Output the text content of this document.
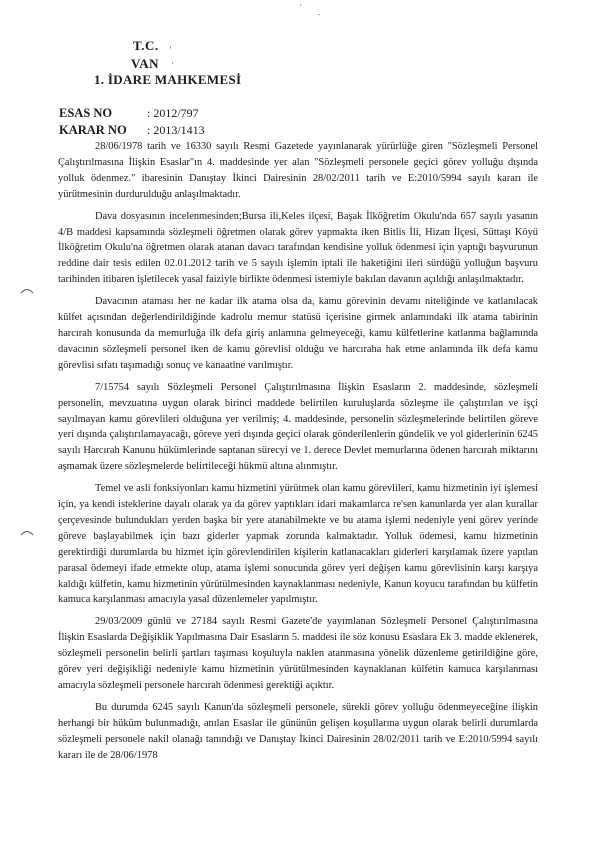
T.C.
VAN
1. İDARE MAHKEMESİ
ESAS NO	: 2012/797
KARAR NO	: 2013/1413

28/06/1978 tarih ve 16330 sayılı Resmi Gazetede yayınlanarak yürürlüğe giren "Sözleşmeli Personel Çalıştırılmasına İlişkin Esaslar"ın 4. maddesinde yer alan "Sözleşmeli personele geçici görev yolluğu dışında yolluk ödenmez." ibaresinin Danıştay İkinci Dairesinin 28/02/2011 tarih ve E:2010/5994 sayılı kararı ile yürütmesinin durdurulduğu anlaşılmaktadır.

Dava dosyasının incelenmesinden;Bursa ili,Keles ilçesi, Başak İlköğretim Okulu'nda 657 sayılı yasanın 4/B maddesi kapsamında sözleşmeli öğretmen olarak görev yapmakta iken Bitlis İli, Hizan İlçesi, Süttaşı Köyü İlköğretim Okulu'na öğretmen olarak atanan davacı tarafından kendisine yolluk ödenmesi için yaptığı başvurunun reddine dair tesis edilen 02.01.2012 tarih ve 5 sayılı işlemin iptali ile haketiğini ileri sürdüğü yolluğun başvuru tarihinden itibaren işletilecek yasal faiziyle birlikte ödenmesi istemiyle bakılan davanın açıldığı anlaşılmaktadır.

Davacının ataması her ne kadar ilk atama olsa da, kamu görevinin devamı niteliğinde ve katlanılacak külfet açısından değerlendirildiğinde kadrolu memur statüsü içerisine girmek anlamındaki ilk atama tabirinin harcırah konusunda da memurluğa ilk defa giriş anlamına gelmeyeceği, kamu külfetlerine katlanma bağlamında davacının sözleşmeli personel iken de kamu görevlisi olduğu ve harcıraha hak etme anlamında ilk defa kamu görevlisi sıfatı taşımadığı sonuç ve kanaatine varılmıştır.

7/15754 sayılı Sözleşmeli Personel Çalıştırılmasına İlişkin Esasların 2. maddesinde, sözleşmeli personelin, mevzuatına uygun olarak birinci maddede belirtilen kuruluşlarda sözleşme ile çalıştırılan ve işçi sayılmayan kamu görevlileri olduğuna yer verilmiş; 4. maddesinde, personelin sözleşmelerinde belirtilen göreve yeri dışında çalıştırılamayacağı, göreve yeri dışında geçici olarak gönderilenlerin gündelik ve yol giderlerinin 6245 sayılı Harcırah Kanunu hükümlerinde saptanan sürecyi ve 1. derece Devlet memurlarına ödenen harcırah miktarını aşmamak üzere sözleşmelerde belirtileceği hükmü altına alınmıştır.

Temel ve asli fonksiyonları kamu hizmetini yürütmek olan kamu görevlileri, kamu hizmetinin iyi işlemesi için, ya kendi isteklerine dayalı olarak ya da görev yaptıkları idari makamlarca re'sen kanunlarda yer alan kurallar çerçevesinde bulundukları yerden başka bir yere atanabilmekte ve bu atama işlemi nedeniyle yeni görev yerinde göreve başlayabilmek için bazı giderler yapmak zorunda kalmaktadır. Yolluk ödemesi, kamu hizmetinin gerektirdiği durumlarda bu hizmet için görevlendirilen kişilerin katlanacakları giderleri karşılamak üzere yapılan parasal ödemeyi ifade etmekte olup, atama işlemi sonucunda görev yeri değişen kamu görevlisinin karşı karşıya kaldığı külfetin, kamu hizmetinin yürütülmesinden kaynaklanması nedeniyle, Kanun koyucu tarafından bu külfetin kamuca karşılanması amacıyla yasal düzenlemeler yapılmıştır.

29/03/2009 günlü ve 27184 sayılı Resmi Gazete'de yayımlanan Sözleşmeli Personel Çalıştırılmasına İlişkin Esaslarda Değişiklik Yapılmasına Dair Esasların 5. maddesi ile söz konusu Esaslara Ek 3. madde eklenerek, sözleşmeli personelin belirli şartları taşıması koşuluyla naklen atanmasına yönelik düzenleme getirildiğine göre, görev yeri değişikliği nedeniyle kamu hizmetinin yürütülmesinden kaynaklanan külfetin kamuca karşılanması amacıyla sözleşmeli personele harcırah ödenmesi gerektiği açıktır.

Bu durumda 6245 sayılı Kanun'da sözleşmeli personele, sürekli görev yolluğu ödenmeyeceğine ilişkin herhangi bir hüküm bulunmadığı, anılan Esaslar ile gününün gelişen koşullarına uygun olarak belirli durumlarda sözleşmeli personele nakil olanağı tanındığı ve Danıştay İkinci Dairesinin 28/02/2011 tarih ve E:2010/5994 sayılı kararı ile de 28/06/1978
